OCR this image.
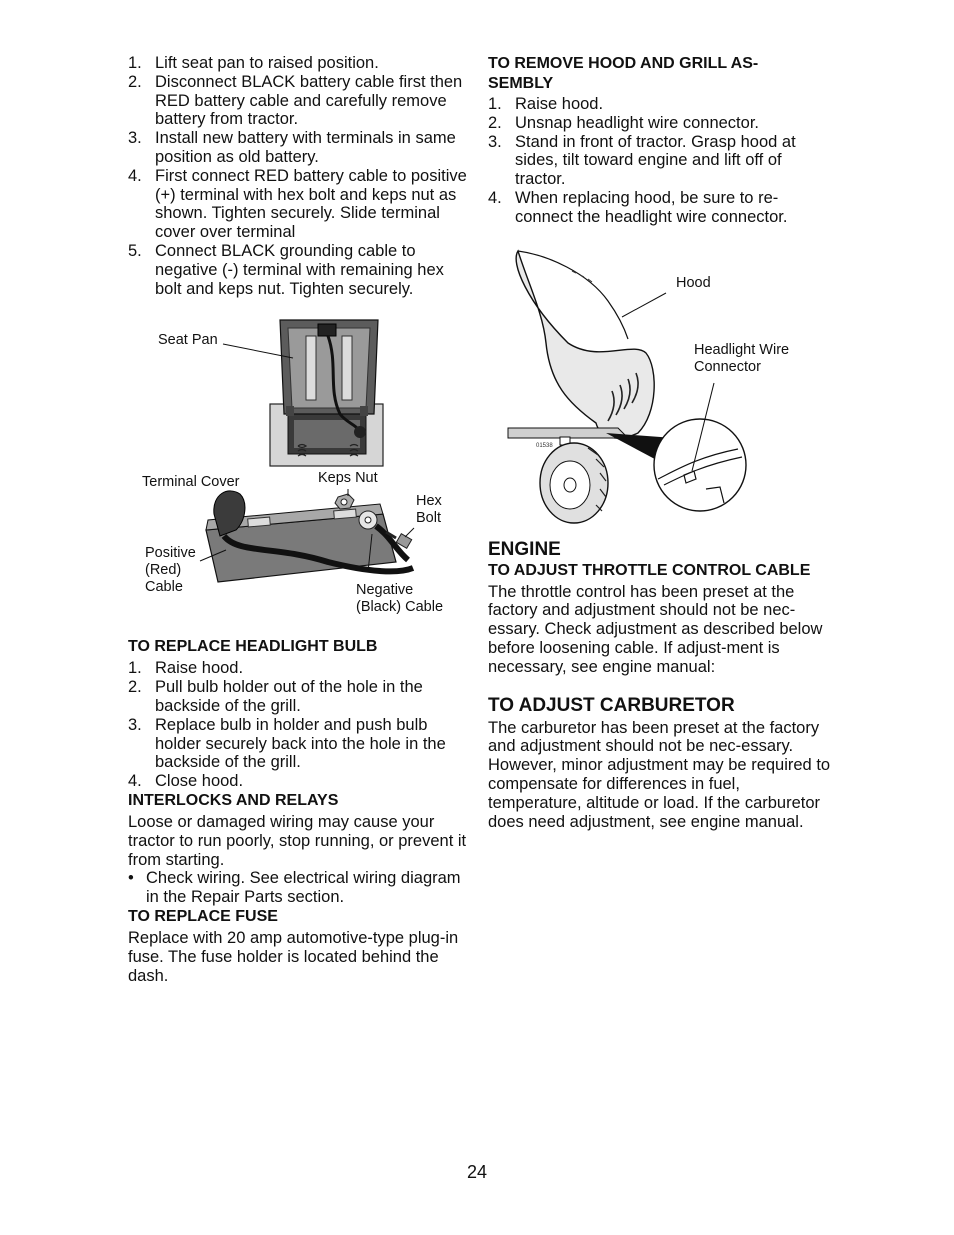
1. Lift seat pan to raised position.
2. Disconnect BLACK battery cable first then RED battery cable and carefully remove battery from tractor.
3. Install new battery with terminals in same position as old battery.
4. First connect RED battery cable to positive (+) terminal with hex bolt and keps nut as shown. Tighten securely. Slide terminal cover over terminal
5. Connect BLACK grounding cable to negative (-) terminal with remaining hex bolt and keps nut. Tighten securely.
Seat Pan
Terminal Cover	Keps Nut
Hex
Bolt
Positive
(Red)
Cable	Negative
(Black) Cable
TO REPLACE HEADLIGHT BULB
1. Raise hood.
2. Pull bulb holder out of the hole in the backside of the grill.
3. Replace bulb in holder and push bulb holder securely back into the hole in the backside of the grill.
4. Close hood.
INTERLOCKS AND RELAYS

Loose or damaged wiring may cause your tractor to run poorly, stop running, or prevent it from starting.

• Check wiring. See electrical wiring diagram in the Repair Parts section.
TO REPLACE FUSE

Replace with 20 amp automotive-type plug-in fuse. The fuse holder is located behind the dash.

TO REMOVE HOOD AND GRILL AS-SEMBLY
1. Raise hood.
2. Unsnap headlight wire connector.
3. Stand in front of tractor. Grasp hood at sides, tilt toward engine and lift off of tractor.
4. When replacing hood, be sure to re-connect the headlight wire connector.
01538
Hood
Headlight Wire
Connector
ENGINE
TO ADJUST THROTTLE CONTROL CABLE

The throttle control has been preset at the factory and adjustment should not be nec-essary. Check adjustment as described below before loosening cable. If adjust-ment is necessary, see engine manual:

TO ADJUST CARBURETOR

The carburetor has been preset at the factory and adjustment should not be nec-essary. However, minor adjustment may be required to compensate for differences in fuel, temperature, altitude or load. If the carburetor does need adjustment, see engine manual.

24
